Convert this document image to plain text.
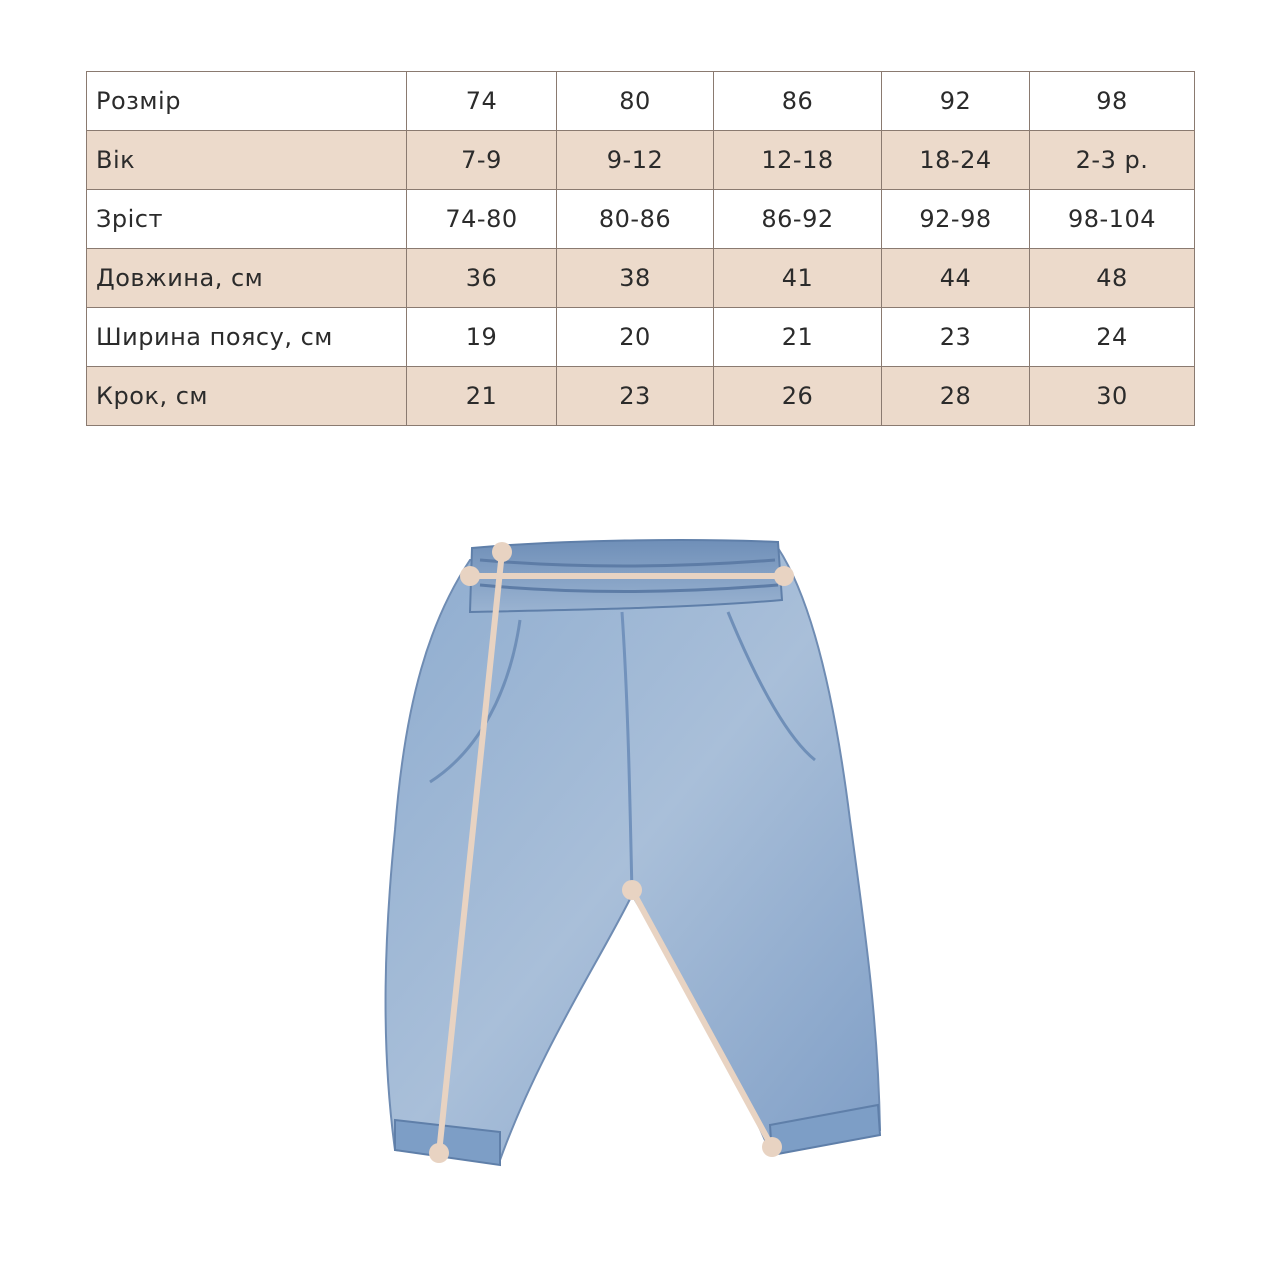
Розмір	74	80	86	92	98
Вік	7-9	9-12	12-18	18-24	2-3 р.
Зріст	74-80	80-86	86-92	92-98	98-104
Довжина, см	36	38	41	44	48
Ширина поясу, см	19	20	21	23	24
Крок, см	21	23	26	28	30
